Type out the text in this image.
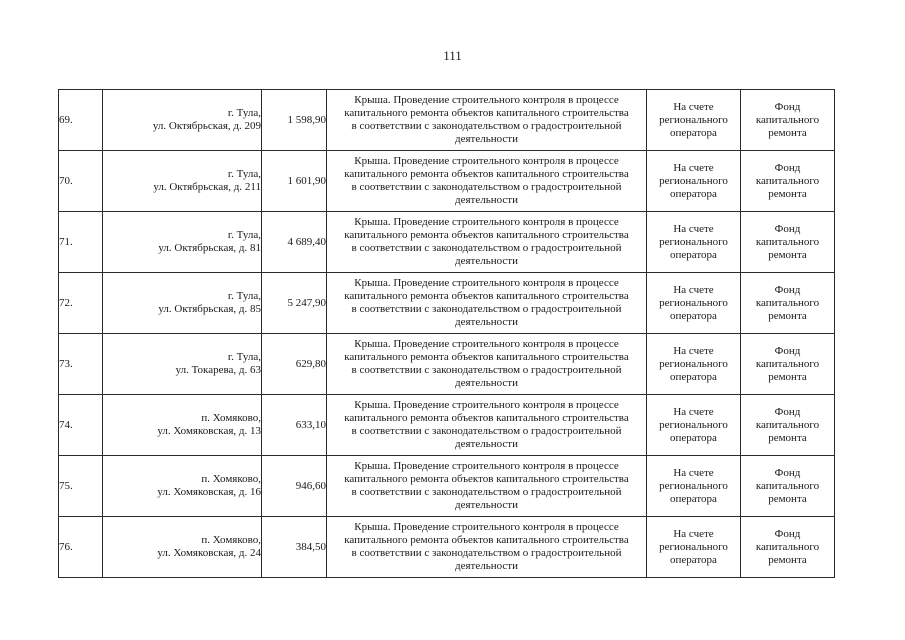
111
69.	г. Тула,
ул. Октябрьская, д. 209	1 598,90	Крыша. Проведение строительного контроля в процессе
капитального ремонта объектов капитального строительства
в соответствии с законодательством о градостроительной
деятельности	На счете
регионального
оператора	Фонд
капитального
ремонта

70.	г. Тула,
ул. Октябрьская, д. 211	1 601,90	Крыша. Проведение строительного контроля в процессе
капитального ремонта объектов капитального строительства
в соответствии с законодательством о градостроительной
деятельности	На счете
регионального
оператора	Фонд
капитального
ремонта

71.	г. Тула,
ул. Октябрьская, д. 81	4 689,40	Крыша. Проведение строительного контроля в процессе
капитального ремонта объектов капитального строительства
в соответствии с законодательством о градостроительной
деятельности	На счете
регионального
оператора	Фонд
капитального
ремонта

72.	г. Тула,
ул. Октябрьская, д. 85	5 247,90	Крыша. Проведение строительного контроля в процессе
капитального ремонта объектов капитального строительства
в соответствии с законодательством о градостроительной
деятельности	На счете
регионального
оператора	Фонд
капитального
ремонта

73.	г. Тула,
ул. Токарева, д. 63	629,80	Крыша. Проведение строительного контроля в процессе
капитального ремонта объектов капитального строительства
в соответствии с законодательством о градостроительной
деятельности	На счете
регионального
оператора	Фонд
капитального
ремонта

74.	п. Хомяково,
ул. Хомяковская, д. 13	633,10	Крыша. Проведение строительного контроля в процессе
капитального ремонта объектов капитального строительства
в соответствии с законодательством о градостроительной
деятельности	На счете
регионального
оператора	Фонд
капитального
ремонта

75.	п. Хомяково,
ул. Хомяковская, д. 16	946,60	Крыша. Проведение строительного контроля в процессе
капитального ремонта объектов капитального строительства
в соответствии с законодательством о градостроительной
деятельности	На счете
регионального
оператора	Фонд
капитального
ремонта

76.	п. Хомяково,
ул. Хомяковская, д. 24	384,50	Крыша. Проведение строительного контроля в процессе
капитального ремонта объектов капитального строительства
в соответствии с законодательством о градостроительной
деятельности	На счете
регионального
оператора	Фонд
капитального
ремонта
